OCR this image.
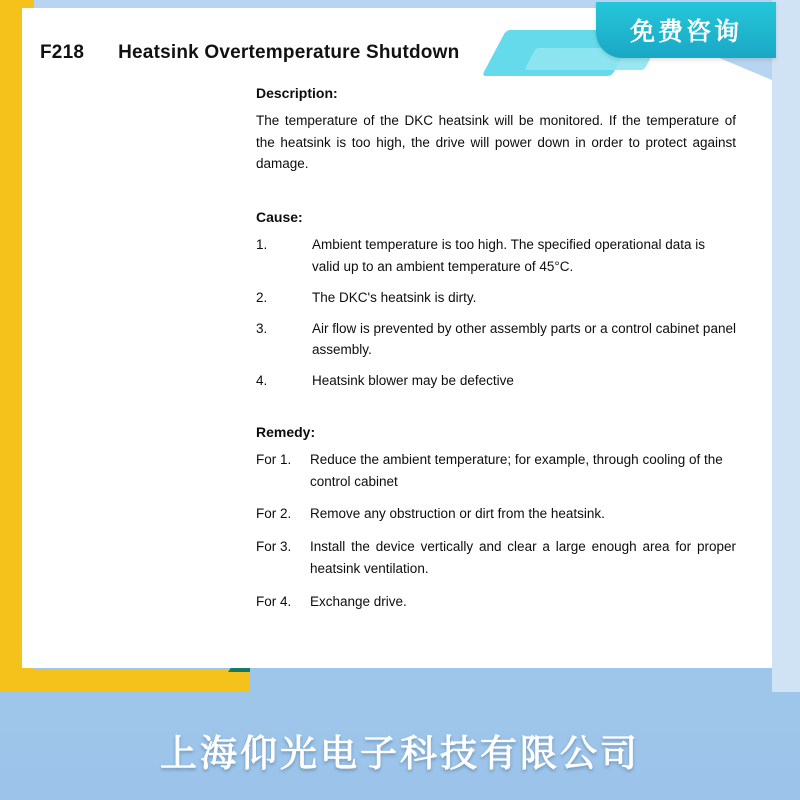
F218 Heatsink Overtemperature Shutdown
Description:

The temperature of the DKC heatsink will be monitored. If the temperature of the heatsink is too high, the drive will power down in order to protect against damage.

Cause:
1.	Ambient temperature is too high. The specified operational data is valid up to an ambient temperature of 45°C.
2.	The DKC's heatsink is dirty.
3.	Air flow is prevented by other assembly parts or a control cabinet panel assembly.
4.	Heatsink blower may be defective
Remedy:
For 1.	Reduce the ambient temperature; for example, through cooling of the control cabinet
For 2.	Remove any obstruction or dirt from the heatsink.
For 3.	Install the device vertically and clear a large enough area for proper heatsink ventilation.
For 4.	Exchange drive.
免费咨询
上海仰光电子科技有限公司
